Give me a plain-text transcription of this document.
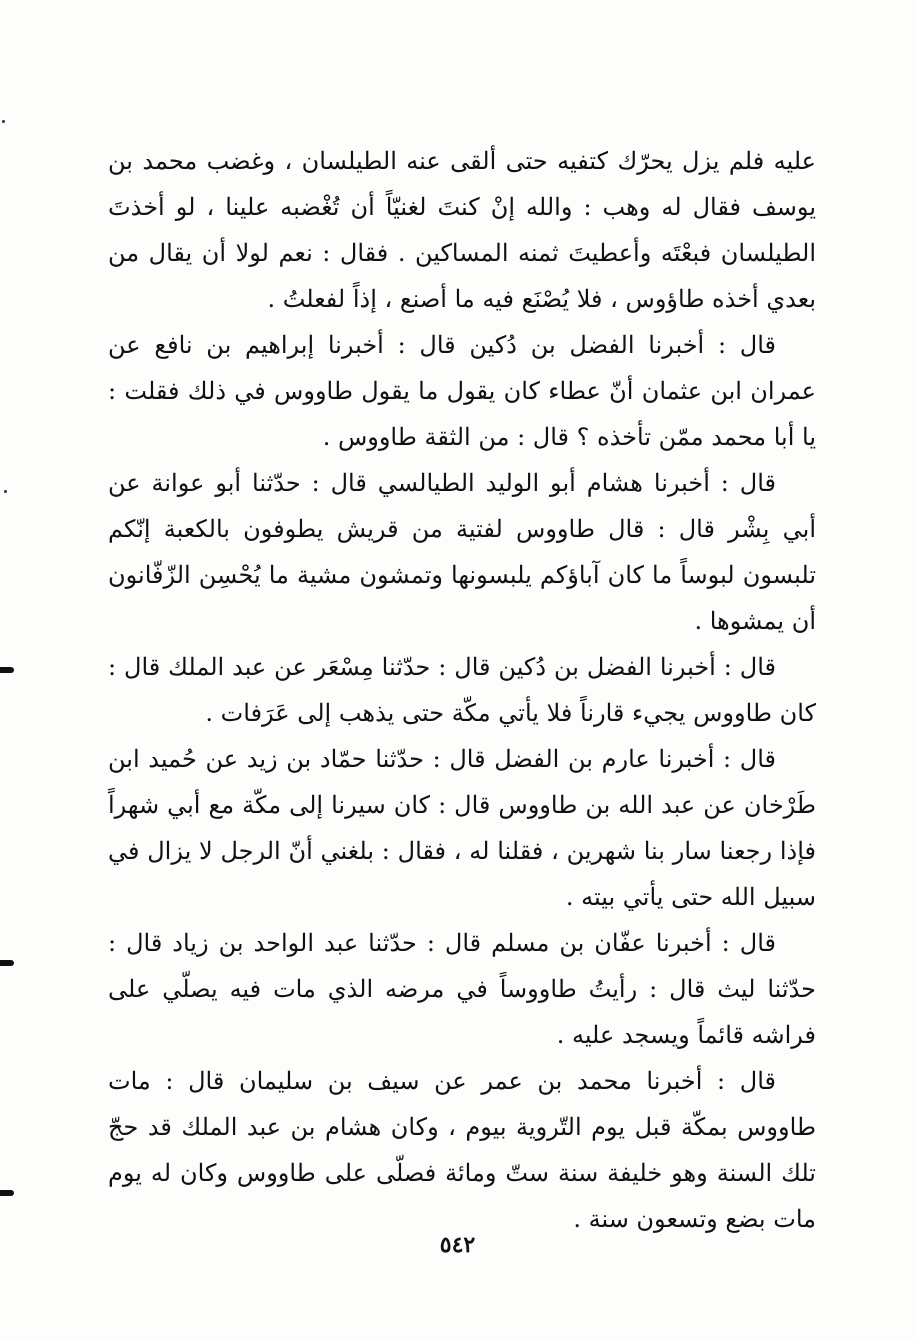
عليه فلم يزل يحرّك كتفيه حتى ألقى عنه الطيلسان ، وغضب محمد بن يوسف فقال له وهب : والله إنْ كنتَ لغنيّاً أن تُغْضبه علينا ، لو أخذتَ الطيلسان فبعْتَه وأعطيتَ ثمنه المساكين . فقال : نعم لولا أن يقال من بعدي أخذه طاؤوس ، فلا يُصْنَع فيه ما أصنع ، إذاً لفعلتُ .

قال : أخبرنا الفضل بن دُكين قال : أخبرنا إبراهيم بن نافع عن عمران ابن عثمان أنّ عطاء كان يقول ما يقول طاووس في ذلك فقلت : يا أبا محمد ممّن تأخذه ؟ قال : من الثقة طاووس .

قال : أخبرنا هشام أبو الوليد الطيالسي قال : حدّثنا أبو عوانة عن أبي بِشْر قال : قال طاووس لفتية من قريش يطوفون بالكعبة إنّكم تلبسون لبوساً ما كان آباؤكم يلبسونها وتمشون مشية ما يُحْسِن الزّفّانون أن يمشوها .

قال : أخبرنا الفضل بن دُكين قال : حدّثنا مِسْعَر عن عبد الملك قال : كان طاووس يجيء قارناً فلا يأتي مكّة حتى يذهب إلى عَرَفات .

قال : أخبرنا عارم بن الفضل قال : حدّثنا حمّاد بن زيد عن حُميد ابن طَرْخان عن عبد الله بن طاووس قال : كان سيرنا إلى مكّة مع أبي شهراً فإذا رجعنا سار بنا شهرين ، فقلنا له ، فقال : بلغني أنّ الرجل لا يزال في سبيل الله حتى يأتي بيته .

قال : أخبرنا عفّان بن مسلم قال : حدّثنا عبد الواحد بن زياد قال : حدّثنا ليث قال : رأيتُ طاووساً في مرضه الذي مات فيه يصلّي على فراشه قائماً ويسجد عليه .

قال : أخبرنا محمد بن عمر عن سيف بن سليمان قال : مات طاووس بمكّة قبل يوم التّروية بيوم ، وكان هشام بن عبد الملك قد حجّ تلك السنة وهو خليفة سنة ستّ ومائة فصلّى على طاووس وكان له يوم مات بضع وتسعون سنة .

٥٤٢
